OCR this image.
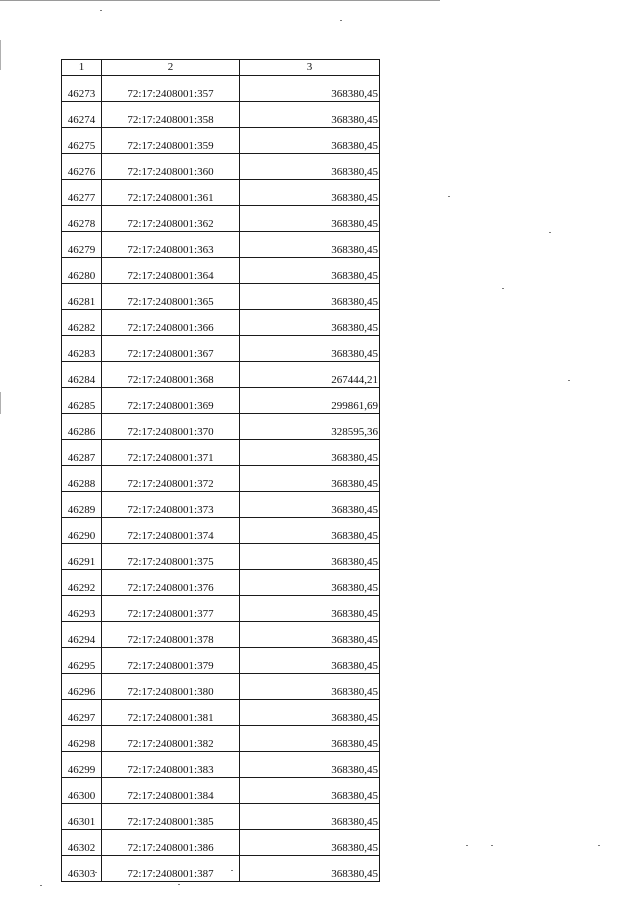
1	2	3
46273	72:17:2408001:357	368380,45
46274	72:17:2408001:358	368380,45
46275	72:17:2408001:359	368380,45
46276	72:17:2408001:360	368380,45
46277	72:17:2408001:361	368380,45
46278	72:17:2408001:362	368380,45
46279	72:17:2408001:363	368380,45
46280	72:17:2408001:364	368380,45
46281	72:17:2408001:365	368380,45
46282	72:17:2408001:366	368380,45
46283	72:17:2408001:367	368380,45
46284	72:17:2408001:368	267444,21
46285	72:17:2408001:369	299861,69
46286	72:17:2408001:370	328595,36
46287	72:17:2408001:371	368380,45
46288	72:17:2408001:372	368380,45
46289	72:17:2408001:373	368380,45
46290	72:17:2408001:374	368380,45
46291	72:17:2408001:375	368380,45
46292	72:17:2408001:376	368380,45
46293	72:17:2408001:377	368380,45
46294	72:17:2408001:378	368380,45
46295	72:17:2408001:379	368380,45
46296	72:17:2408001:380	368380,45
46297	72:17:2408001:381	368380,45
46298	72:17:2408001:382	368380,45
46299	72:17:2408001:383	368380,45
46300	72:17:2408001:384	368380,45
46301	72:17:2408001:385	368380,45
46302	72:17:2408001:386	368380,45
46303	72:17:2408001:387	368380,45
